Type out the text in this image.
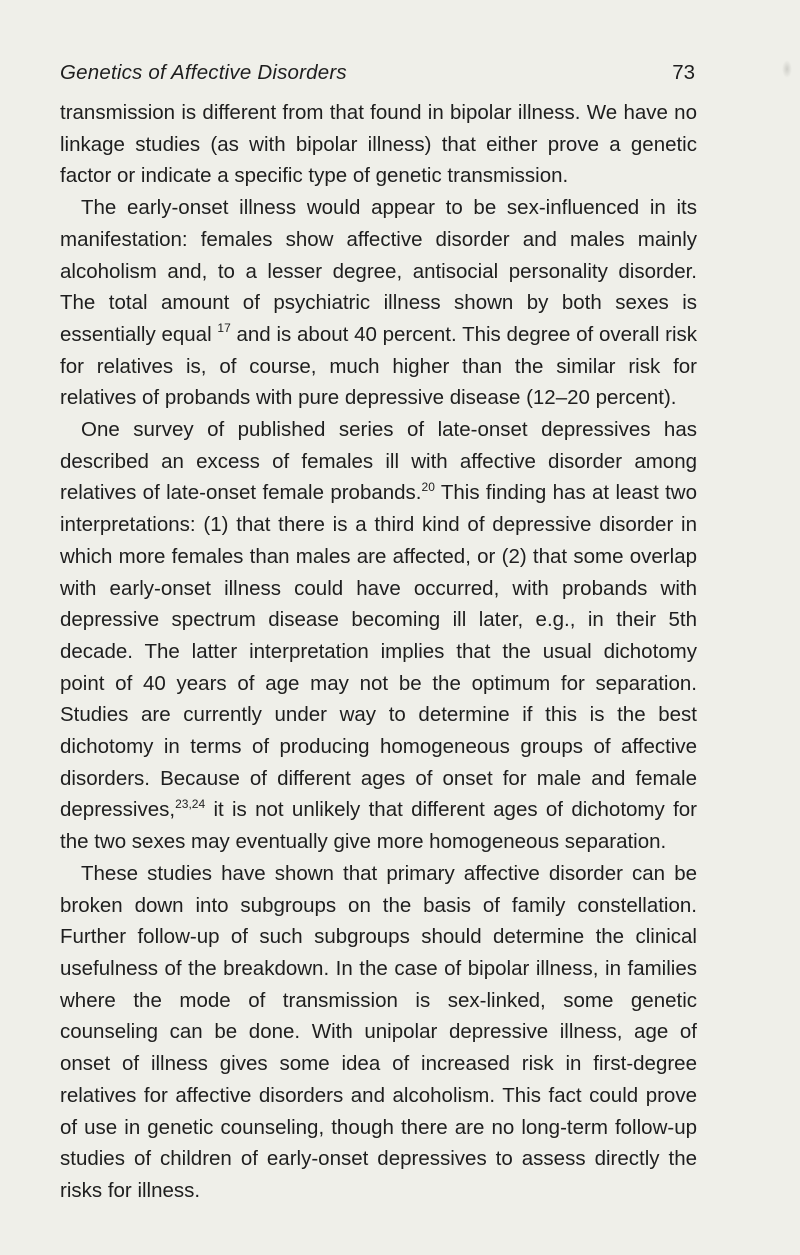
Genetics of Affective Disorders	73

transmission is different from that found in bipolar illness. We have no linkage studies (as with bipolar illness) that either prove a genetic factor or indicate a specific type of genetic transmission.

The early-onset illness would appear to be sex-influenced in its manifestation: females show affective disorder and males mainly alcoholism and, to a lesser degree, antisocial personality disorder. The total amount of psychiatric illness shown by both sexes is essentially equal $^{17}$ and is about 40 percent. This degree of overall risk for relatives is, of course, much higher than the similar risk for relatives of probands with pure depressive disease (12–20 percent).

One survey of published series of late-onset depressives has described an excess of females ill with affective disorder among relatives of late-onset female probands.$^{20}$ This finding has at least two interpretations: (1) that there is a third kind of depressive disorder in which more females than males are affected, or (2) that some overlap with early-onset illness could have occurred, with probands with depressive spectrum disease becoming ill later, e.g., in their 5th decade. The latter interpretation implies that the usual dichotomy point of 40 years of age may not be the optimum for separation. Studies are currently under way to determine if this is the best dichotomy in terms of producing homogeneous groups of affective disorders. Because of different ages of onset for male and female depressives,$^{23,24}$ it is not unlikely that different ages of dichotomy for the two sexes may eventually give more homogeneous separation.

These studies have shown that primary affective disorder can be broken down into subgroups on the basis of family constellation. Further follow-up of such subgroups should determine the clinical usefulness of the breakdown. In the case of bipolar illness, in families where the mode of transmission is sex-linked, some genetic counseling can be done. With unipolar depressive illness, age of onset of illness gives some idea of increased risk in first-degree relatives for affective disorders and alcoholism. This fact could prove of use in genetic counseling, though there are no long-term follow-up studies of children of early-onset depressives to assess directly the risks for illness.
